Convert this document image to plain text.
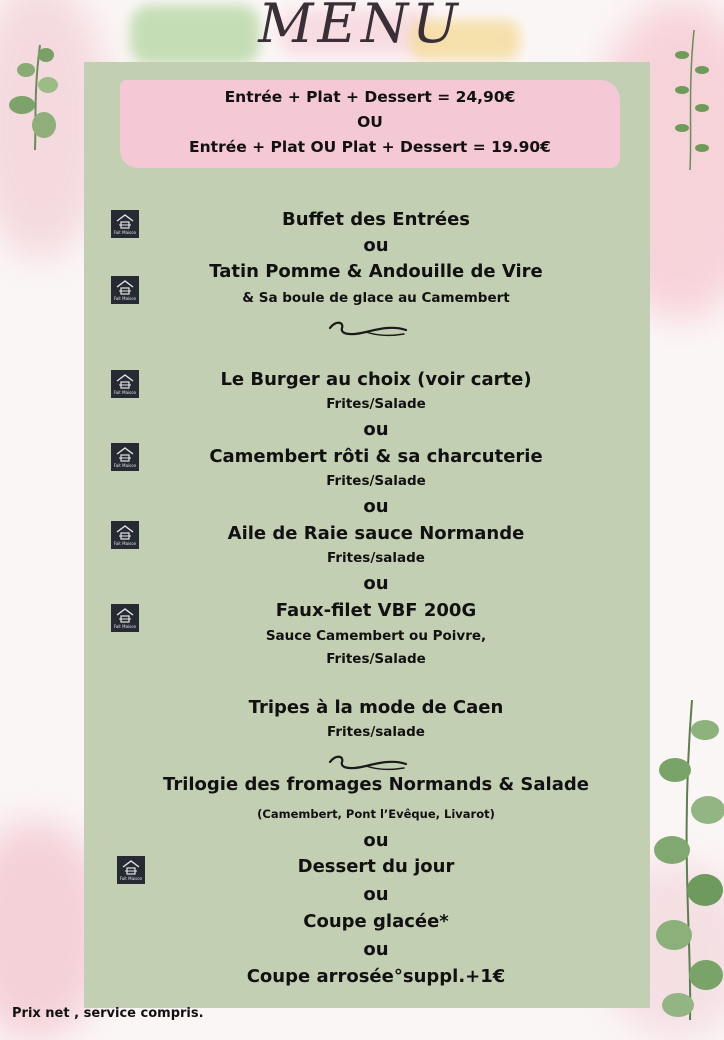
MENU
Entrée + Plat + Dessert = 24,90€
OU
Entrée + Plat OU Plat + Dessert = 19.90€
Buffet des Entrées
ou
Tatin Pomme & Andouille de Vire
& Sa boule de glace au Camembert
Le Burger au choix (voir carte)
Frites/Salade
ou
Camembert rôti & sa charcuterie
Frites/Salade
ou
Aile de Raie sauce Normande
Frites/salade
ou
Faux-filet VBF 200G
Sauce Camembert ou Poivre,
Frites/Salade
Tripes à la mode de Caen
Frites/salade
Trilogie des fromages Normands & Salade
(Camembert, Pont l’Evêque, Livarot)
ou
Dessert du jour
ou
Coupe glacée*
ou
Coupe arrosée°suppl.+1€
Fait Maison
Fait Maison
Fait Maison
Fait Maison
Fait Maison
Fait Maison
Fait Maison
Prix net , service compris.
